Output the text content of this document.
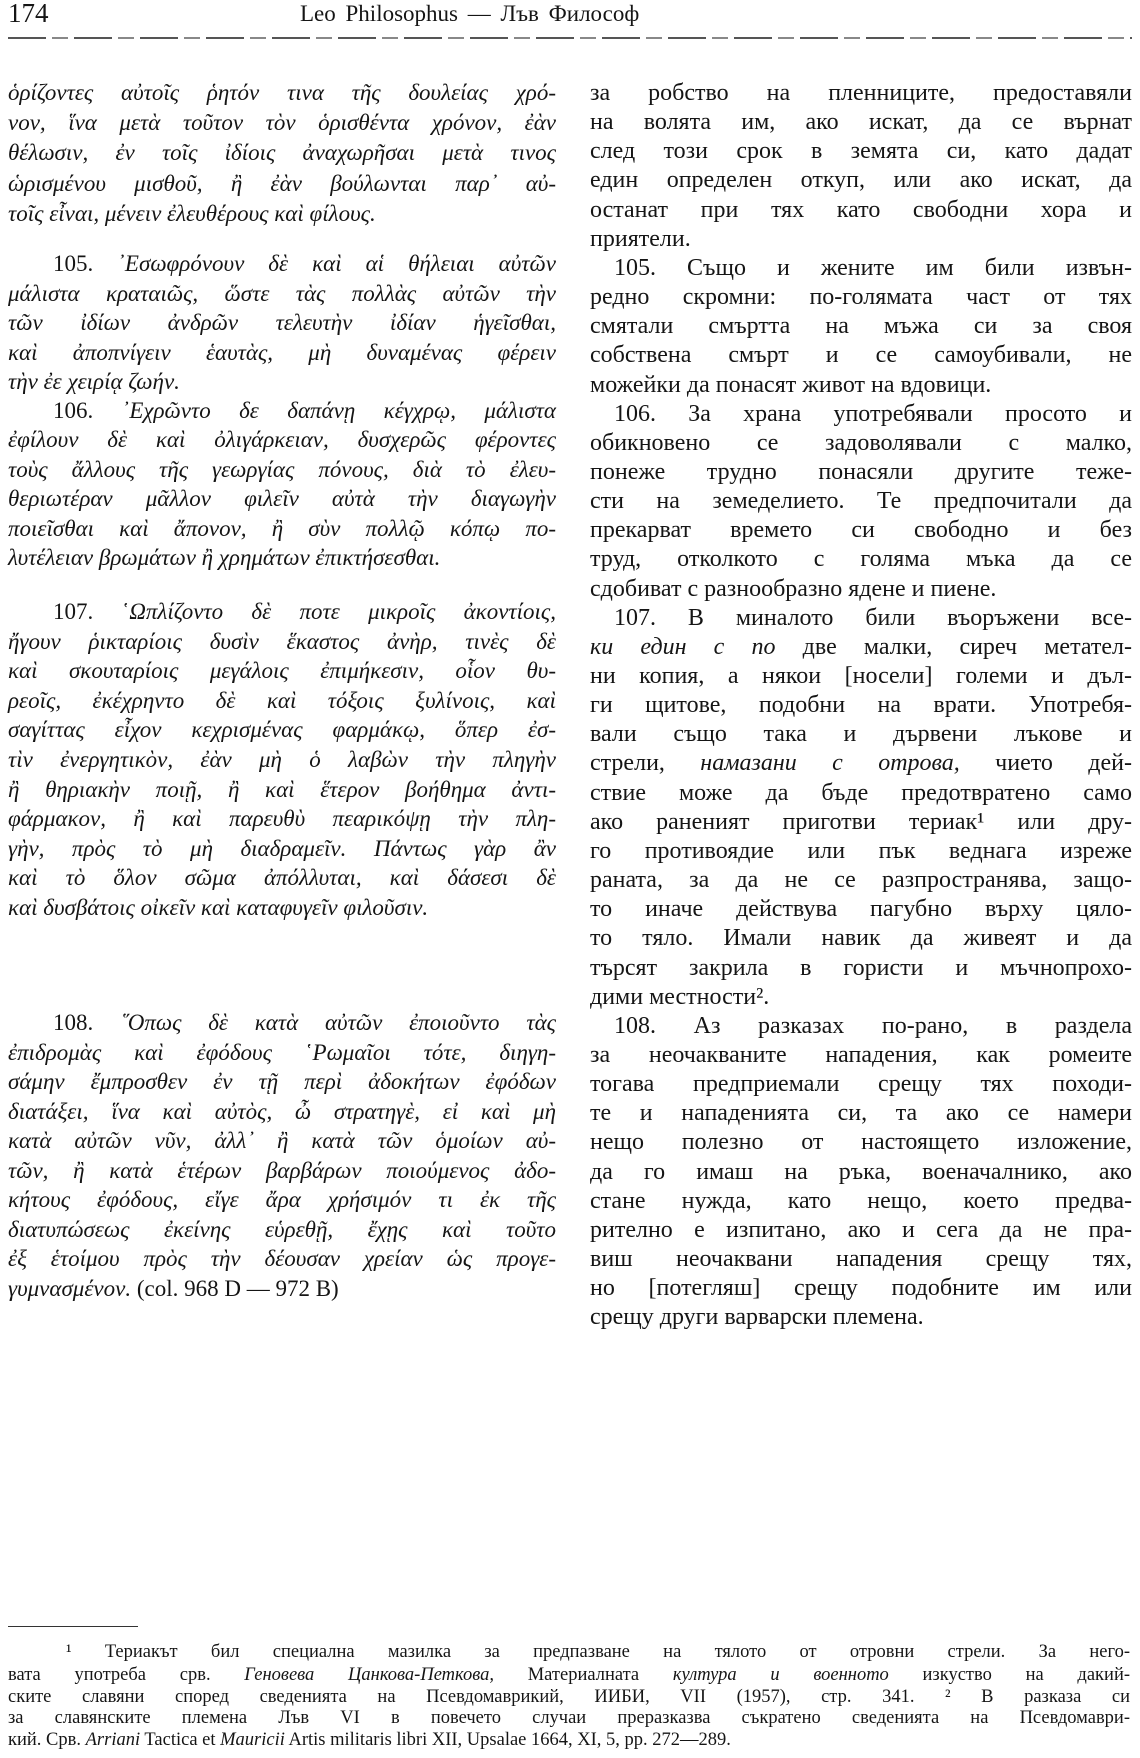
174	Leo Philosophus — Лъв Философ
ὁρίζοντες αὐτοῖς ῥητόν τινα τῆς δουλείας χρό-
νον, ἵνα μετὰ τοῦτον τὸν ὁρισθέντα χρόνον, ἐὰν
θέλωσιν, ἐν τοῖς ἰδίοις ἀναχωρῆσαι μετὰ τινος
ὡρισμένου μισθοῦ, ἢ ἐὰν βούλωνται παρ᾽ αὐ-
τοῖς εἶναι, μένειν ἐλευθέρους καὶ φίλους.
105. ᾿Εσωφρόνουν δὲ καὶ αἱ θήλειαι αὐτῶν
μάλιστα κραταιῶς, ὥστε τὰς πολλὰς αὐτῶν τὴν
τῶν ἰδίων ἀνδρῶν τελευτὴν ἰδίαν ἡγεῖσθαι,
καὶ ἀποπνίγειν ἑαυτὰς, μὴ δυναμένας φέρειν
τὴν ἐε χειρίᾳ ζωήν.
106. ᾿Εχρῶντο δε δαπάνῃ κέγχρῳ, μάλιστα
ἐφίλουν δὲ καὶ ὀλιγάρκειαν, δυσχερῶς φέροντες
τοὺς ἄλλους τῆς γεωργίας πόνους, διὰ τὸ ἐλευ-
θεριωτέραν μᾶλλον φιλεῖν αὐτὰ τὴν διαγωγὴν
ποιεῖσθαι καὶ ἄπονον, ἢ σὺν πολλῷ κόπῳ πο-
λυτέλειαν βρωμάτων ἢ χρημάτων ἐπικτήσεσθαι.
107. ῾Ωπλίζοντο δὲ ποτε μικροῖς ἀκοντίοις,
ἤγουν ῥικταρίοις δυσὶν ἕκαστος ἀνὴρ, τινὲς δὲ
καὶ σκουταρίοις μεγάλοις ἐπιμήκεσιν, οἷον θυ-
ρεοῖς, ἐκέχρηντο δὲ καὶ τόξοις ξυλίνοις, καὶ
σαγίττας εἶχον κεχρισμένας φαρμάκῳ, ὅπερ ἐσ-
τὶν ἐνεργητικὸν, ἐὰν μὴ ὁ λαβὼν τὴν πληγὴν
ἢ θηριακὴν ποιῇ, ἢ καὶ ἕτερον βοήθημα ἀντι-
φάρμακον, ἢ καὶ παρευθὺ πεαρικόψῃ τὴν πλη-
γὴν, πρὸς τὸ μὴ διαδραμεῖν. Πάντως γὰρ ἂν
καὶ τὸ ὅλον σῶμα ἀπόλλυται, καὶ δάσεσι δὲ
καὶ δυσβάτοις οἰκεῖν καὶ καταφυγεῖν φιλοῦσιν.
108. ῞Οπως δὲ κατὰ αὐτῶν ἐποιοῦντο τὰς
ἐπιδρομὰς καὶ ἐφόδους ῾Ρωμαῖοι τότε, διηγη-
σάμην ἔμπροσθεν ἐν τῇ περὶ ἀδοκήτων ἐφόδων
διατάξει, ἵνα καὶ αὐτὸς, ὦ στρατηγὲ, εἰ καὶ μὴ
κατὰ αὐτῶν νῦν, ἀλλ᾽ ἢ κατὰ τῶν ὁμοίων αὐ-
τῶν, ἢ κατὰ ἑτέρων βαρβάρων ποιούμενος ἀδο-
κήτους ἐφόδους, εἴγε ἄρα χρήσιμόν τι ἐκ τῆς
διατυπώσεως ἐκείνης εὑρεθῇ, ἔχῃς καὶ τοῦτο
ἐξ ἑτοίμου πρὸς τὴν δέουσαν χρείαν ὡς προγε-
γυμνασμένον. (col. 968 D — 972 B)
за робство на пленниците, предоставяли
на волята им, ако искат, да се върнат
след този срок в земята си, като дадат
един определен откуп, или ако искат, да
останат при тях като свободни хора и
приятели.
105. Също и жените им били извън-
редно скромни: по-голямата част от тях
смятали смъртта на мъжа си за своя
собствена смърт и се самоубивали, не
можейки да понасят живот на вдовици.
106. За храна употребявали просото и
обикновено се задоволявали с малко,
понеже трудно понасяли другите теже-
сти на земеделието. Те предпочитали да
прекарват времето си свободно и без
труд, отколкото с голяма мъка да се
сдобиват с разнообразно ядене и пиене.
107. В миналото били въоръжени все-
ки един с по две малки, сиреч метател-
ни копия, а някои [носели] големи и дъл-
ги щитове, подобни на врати. Употребя-
вали също така и дървени лъкове и
стрели, намазани с отрова, чието дей-
ствие може да бъде предотвратено само
ако раненият приготви териак¹ или дру-
го противоядие или пък веднага изреже
раната, за да не се разпространява, защо-
то иначе действува пагубно върху цяло-
то тяло. Имали навик да живеят и да
търсят закрила в гористи и мъчнопрохо-
дими местности².
108. Аз разказах по-рано, в раздела
за неочакваните нападения, как ромеите
тогава предприемали срещу тях походи-
те и нападенията си, та ако се намери
нещо полезно от настоящето изложение,
да го имаш на ръка, военачалнико, ако
стане нужда, като нещо, което предва-
рително е изпитано, ако и сега да не пра-
виш неочаквани нападения срещу тях,
но [потегляш] срещу подобните им или
срещу други варварски племена.
¹ Териакът бил специална мазилка за предпазване на тялото от отровни стрели. За него-
вата употреба срв. Геновева Цанкова-Петкова, Материалната култура и военното изкуство на дакий-
ските славяни според сведенията на Псевдомаврикий, ИИБИ, VII (1957), стр. 341. ² В разказа си
за славянските племена Лъв VI в повечето случаи преразказва съкратено сведенията на Псевдомаври-
кий. Срв. Arriani Tactica et Mauricii Artis militaris libri XII, Upsalae 1664, XI, 5, pp. 272—289.
